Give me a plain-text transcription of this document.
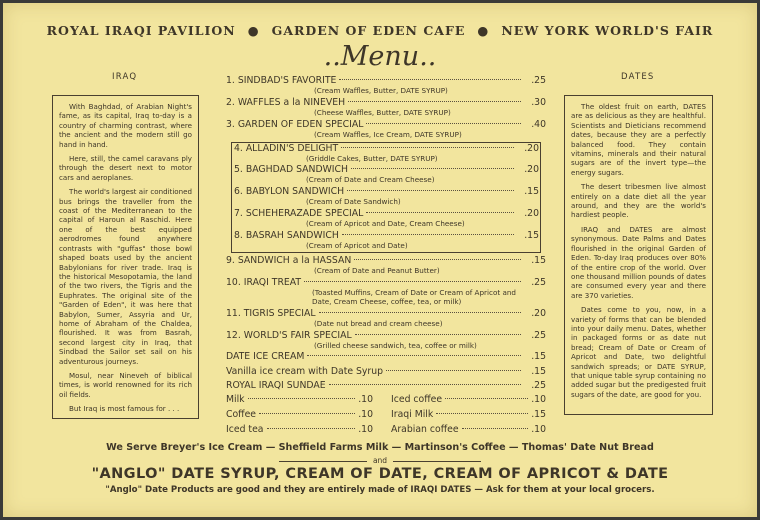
ROYAL IRAQI PAVILION ● GARDEN OF EDEN CAFE ● NEW YORK WORLD'S FAIR
..Menu..
IRAQ

With Baghdad, of Arabian Night's fame, as its capital, Iraq to-day is a country of charming contrast, where the ancient and the modern still go hand in hand.

Here, still, the camel caravans ply through the desert next to motor cars and aeroplanes.

The world's largest air conditioned bus brings the traveller from the coast of the Mediterranean to the capital of Haroun al Raschid. Here one of the best equipped aerodromes found anywhere contrasts with "guffas" those bowl shaped boats used by the ancient Babylonians for river trade. Iraq is the historical Mesopotamia, the land of the two rivers, the Tigris and the Euphrates. The original site of the "Garden of Eden", it was here that Babylon, Sumer, Assyria and Ur, home of Abraham of the Chaldea, flourished. It was from Basrah, second largest city in Iraq, that Sindbad the Sailor set sail on his adventurous journeys.

Mosul, near Nineveh of biblical times, is world renowned for its rich oil fields.

But Iraq is most famous for . . .

DATES

The oldest fruit on earth, DATES are as delicious as they are healthful. Scientists and Dieticians recommend dates, because they are a perfectly balanced food. They contain vitamins, minerals and their natural sugars are of the invert type—the energy sugars.

The desert tribesmen live almost entirely on a date diet all the year around, and they are the world's hardiest people.

IRAQ and DATES are almost synonymous. Date Palms and Dates flourished in the original Garden of Eden. To-day Iraq produces over 80% of the entire crop of the world. Over one thousand million pounds of dates are consumed every year and there are 370 varieties.

Dates come to you, now, in a variety of forms that can be blended into your daily menu. Dates, whether in packaged forms or as date nut bread; Cream of Date or Cream of Apricot and Date, two delightful sandwich spreads; or DATE SYRUP, that unique table syrup containing no added sugar but the predigested fruit sugars of the date, are good for you.

1. SINDBAD'S FAVORITE	.25
(Cream Waffles, Butter, DATE SYRUP)
2. WAFFLES a la NINEVEH	.30
(Cheese Waffles, Butter, DATE SYRUP)
3. GARDEN OF EDEN SPECIAL	.40
(Cream Waffles, Ice Cream, DATE SYRUP)
4. ALLADIN'S DELIGHT	.20
(Griddle Cakes, Butter, DATE SYRUP)
5. BAGHDAD SANDWICH	.20
(Cream of Date and Cream Cheese)
6. BABYLON SANDWICH	.15
(Cream of Date Sandwich)
7. SCHEHERAZADE SPECIAL	.20
(Cream of Apricot and Date, Cream Cheese)
8. BASRAH SANDWICH	.15
(Cream of Apricot and Date)
9. SANDWICH a la HASSAN	.15
(Cream of Date and Peanut Butter)
10. IRAQI TREAT	.25
(Toasted Muffins, Cream of Date or Cream of Apricot and Date, Cream Cheese, coffee, tea, or milk)
11. TIGRIS SPECIAL	.20
(Date nut bread and cream cheese)
12. WORLD'S FAIR SPECIAL	.25
(Grilled cheese sandwich, tea, coffee or milk)
DATE ICE CREAM	.15
Vanilla ice cream with Date Syrup	.15
ROYAL IRAQI SUNDAE	.25
Milk	.10 Iced coffee	.10
Coffee	.10 Iraqi Milk	.15
Iced tea	.10 Arabian coffee	.10
We Serve Breyer's Ice Cream — Sheffield Farms Milk — Martinson's Coffee — Thomas' Date Nut Bread
and
"ANGLO" DATE SYRUP, CREAM OF DATE, CREAM OF APRICOT & DATE
"Anglo" Date Products are good and they are entirely made of IRAQI DATES — Ask for them at your local grocers.
